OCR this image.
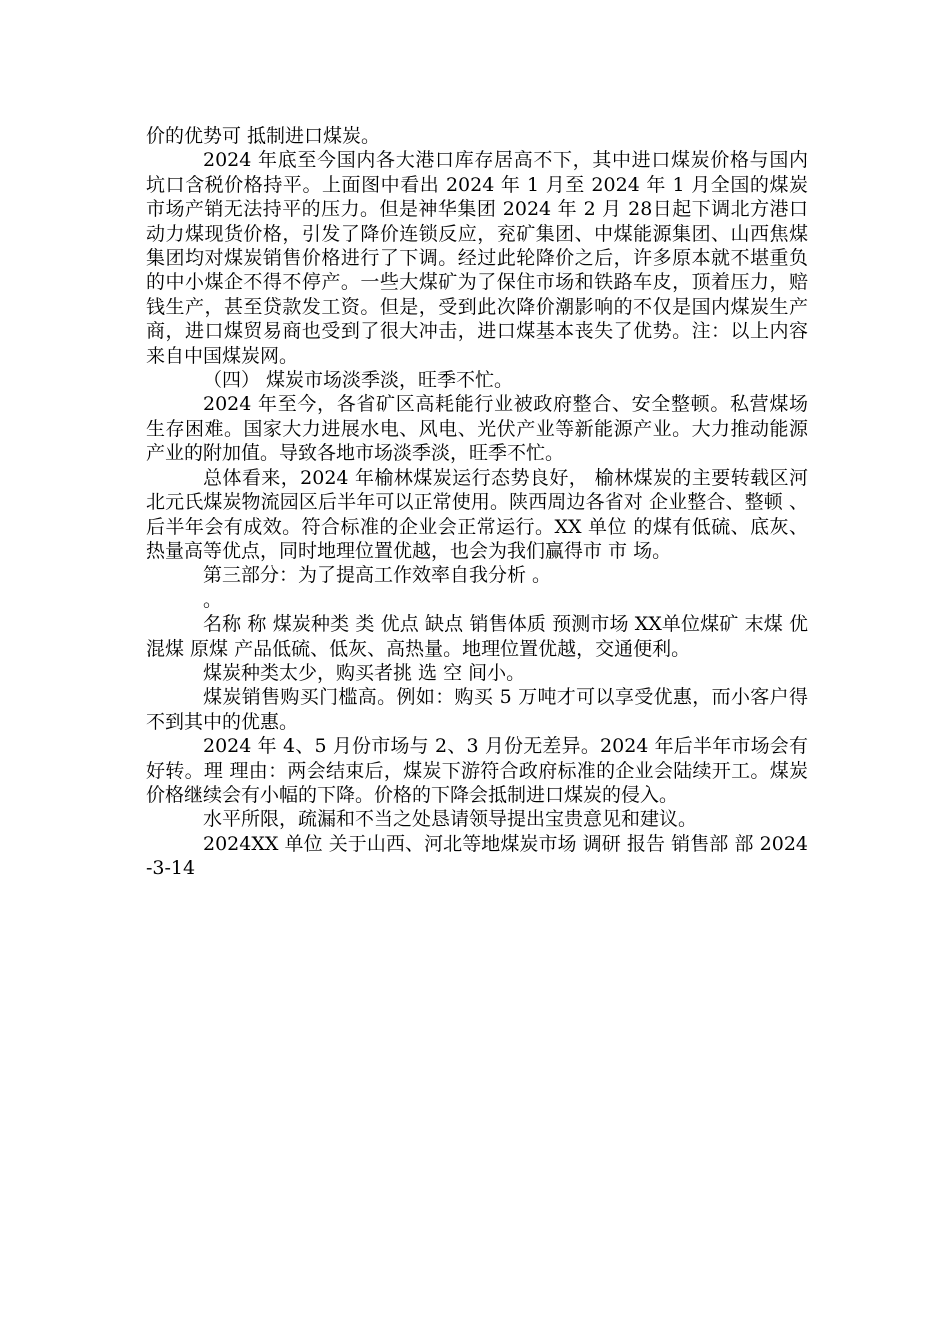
价的优势可 抵制进口煤炭。

2024 年底至今国内各大港口库存居高不下，其中进口煤炭价格与国内坑口含税价格持平。上面图中看出 2024 年 1 月至 2024 年 1 月全国的煤炭市场产销无法持平的压力。但是神华集团 2024 年 2 月 28日起下调北方港口动力煤现货价格，引发了降价连锁反应，兖矿集团、中煤能源集团、山西焦煤集团均对煤炭销售价格进行了下调。经过此轮降价之后，许多原本就不堪重负的中小煤企不得不停产。一些大煤矿为了保住市场和铁路车皮，顶着压力，赔钱生产，甚至贷款发工资。但是，受到此次降价潮影响的不仅是国内煤炭生产商，进口煤贸易商也受到了很大冲击，进口煤基本丧失了优势。注：以上内容来自中国煤炭网。

（四） 煤炭市场淡季淡，旺季不忙。

2024 年至今，各省矿区高耗能行业被政府整合、安全整顿。私营煤场生存困难。国家大力进展水电、风电、光伏产业等新能源产业。大力推动能源产业的附加值。导致各地市场淡季淡，旺季不忙。

总体看来，2024 年榆林煤炭运行态势良好， 榆林煤炭的主要转载区河北元氏煤炭物流园区后半年可以正常使用。陕西周边各省对 企业整合、整顿 、 后半年会有成效。符合标准的企业会正常运行。XX 单位 的煤有低硫、底灰、热量高等优点，同时地理位置优越，也会为我们赢得市 市 场。

第三部分：为了提高工作效率自我分析 。

。

名称 称 煤炭种类 类 优点 缺点 销售体质 预测市场 XX单位煤矿 末煤 优混煤 原煤 产品低硫、低灰、高热量。地理位置优越，交通便利。

煤炭种类太少，购买者挑 选 空 间小。

煤炭销售购买门槛高。例如：购买 5 万吨才可以享受优惠，而小客户得不到其中的优惠。

2024 年 4、5 月份市场与 2、3 月份无差异。2024 年后半年市场会有好转。理 理由：两会结束后，煤炭下游符合政府标准的企业会陆续开工。煤炭价格继续会有小幅的下降。价格的下降会抵制进口煤炭的侵入。

水平所限，疏漏和不当之处恳请领导提出宝贵意见和建议。

2024XX 单位 关于山西、河北等地煤炭市场 调研 报告 销售部 部 2024-3-14
